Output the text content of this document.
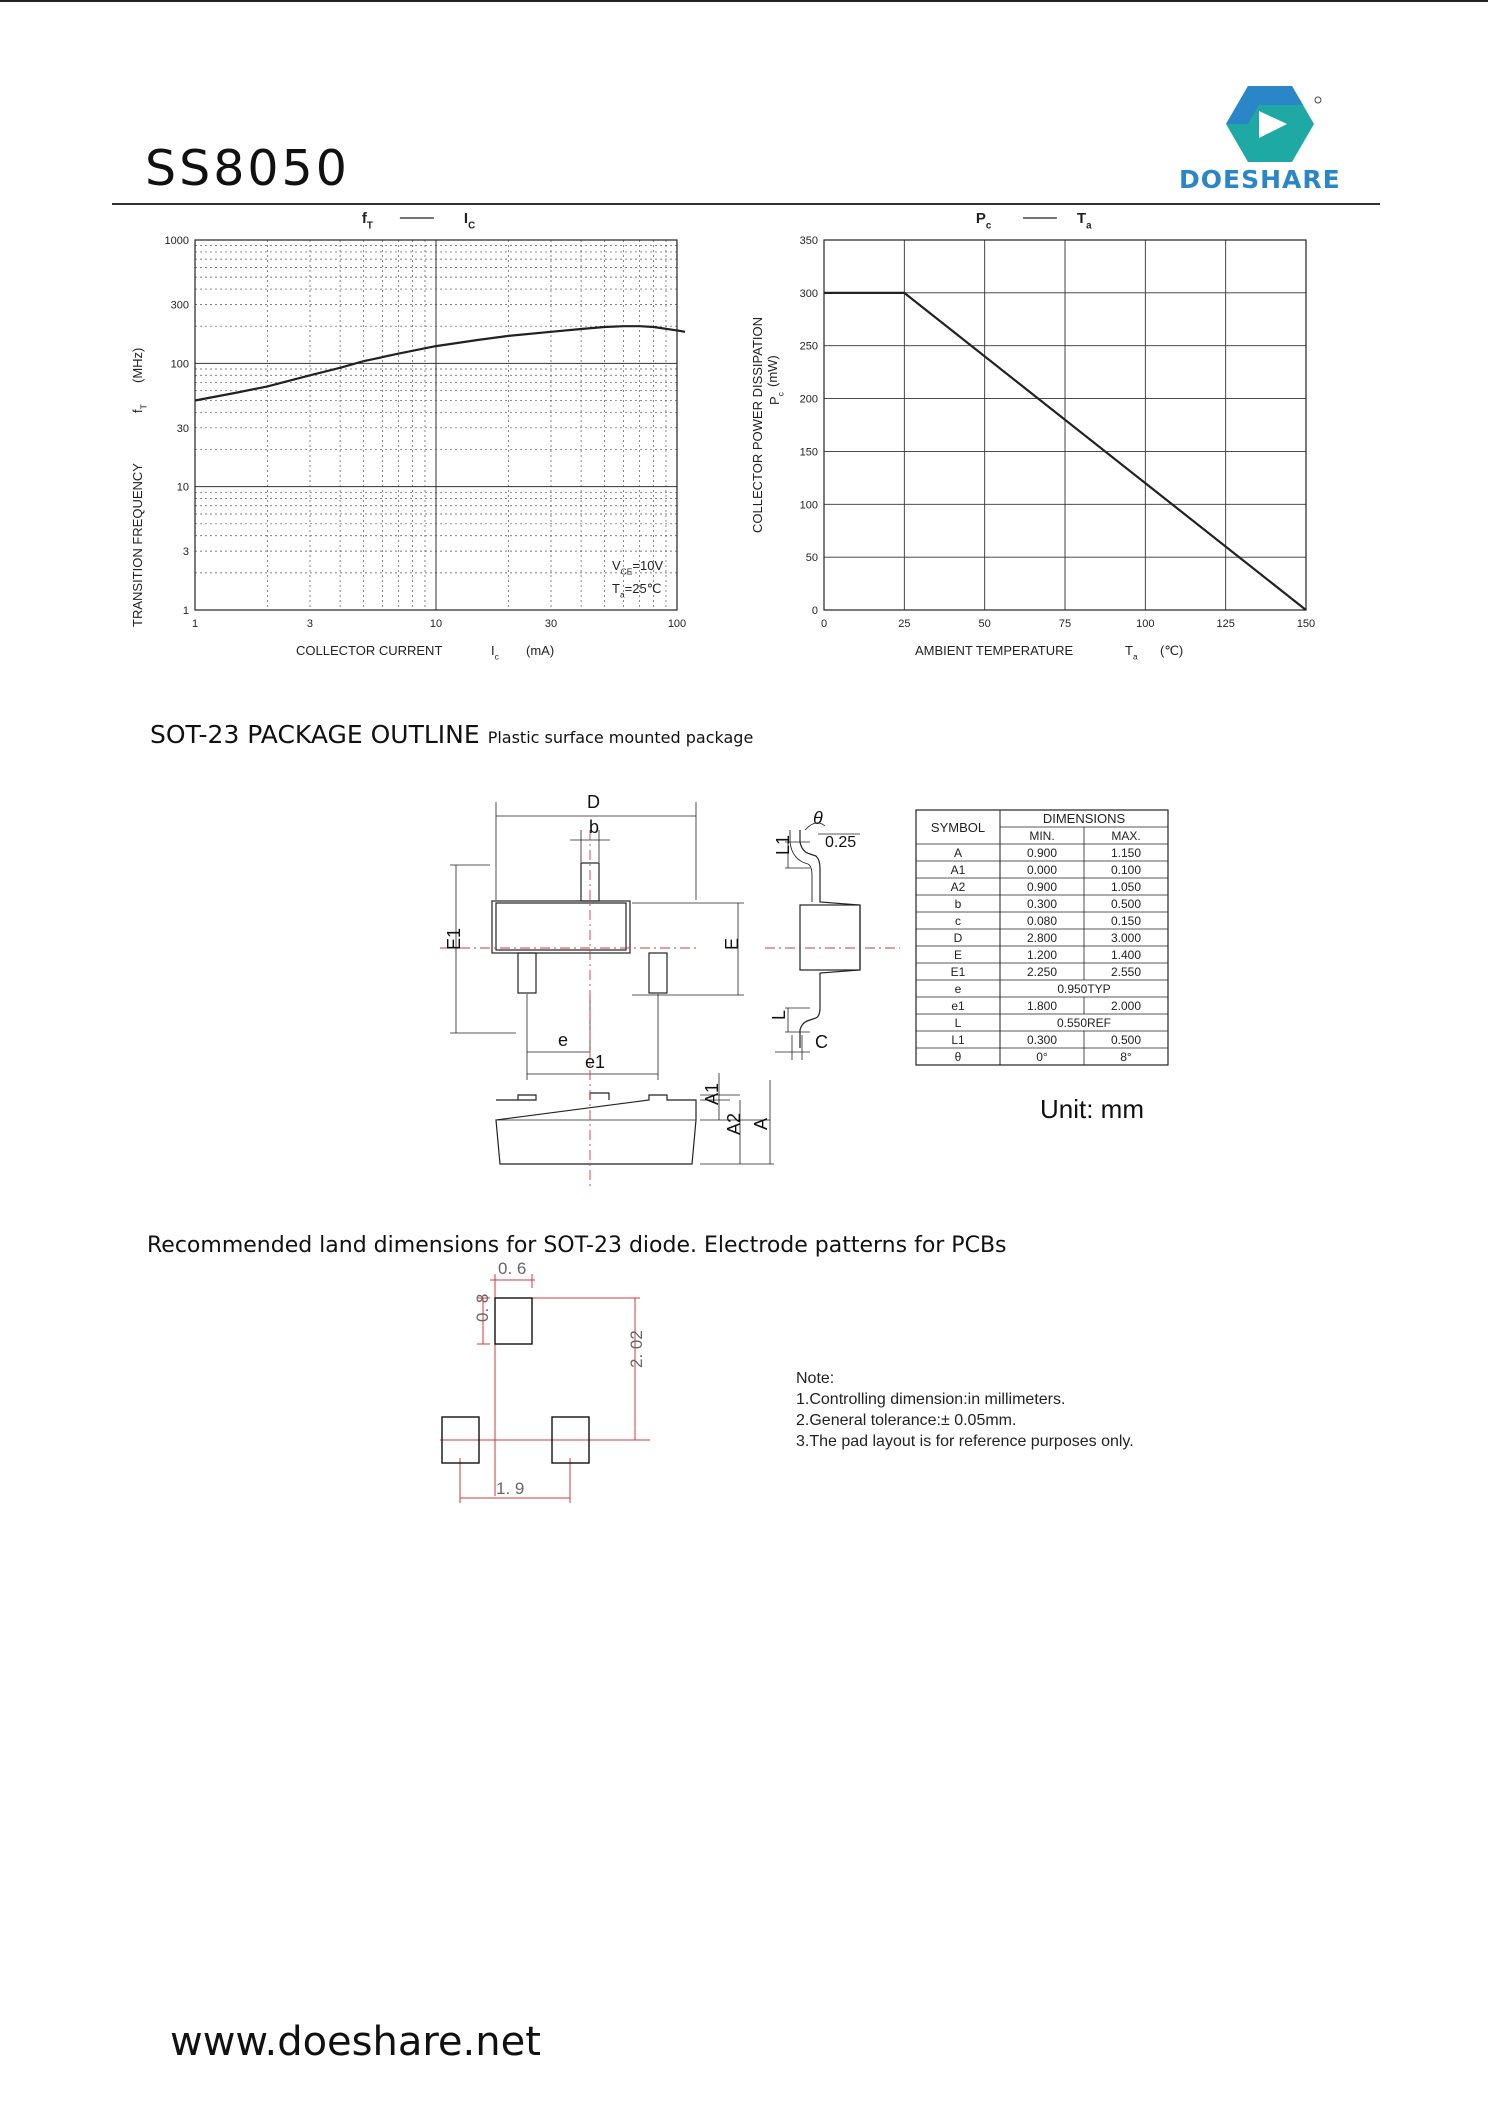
SS8050	DOESHARE
1	3	10	30	100
1
3
10
30
100
300
1000
$f_T$	$I_C$
COLLECTOR CURRENT	$I_c$ (mA)
TRANSITION FREQUENCY
$f_T$
(MHz)
$V_{CE}=10V$
$T_a=25℃$
0	25	50	75	100	125	150
0
50
100
150
200
250
300
350
$P_c$	$T_a$
AMBIENT TEMPERATURE	$T_a$ (℃)
COLLECTOR POWER DISSIPATION $P_c$
(mW)
SOT-23 PACKAGE OUTLINE Plastic surface mounted package
D
b
E1	E
e
e1
L1
L
C
θ
0.25
A1
A2 A
SYMBOL
DIMENSIONS
MIN.	MAX.
A	0.900	1.150
A1	0.000	0.100
A2	0.900	1.050
b	0.300	0.500
c	0.080	0.150
D	2.800	3.000
E	1.200	1.400
E1	2.250	2.550
e	0.950TYP
e1	1.800	2.000
L	0.550REF
L1	0.300	0.500
θ	0°	8°
Unit: mm
Recommended land dimensions for SOT-23 diode. Electrode patterns for PCBs
0. 6
0. 8
2. 02
1. 9
Note:
1.Controlling dimension:in millimeters.
2.General tolerance:± 0.05mm.
3.The pad layout is for reference purposes only.
www.doeshare.net
